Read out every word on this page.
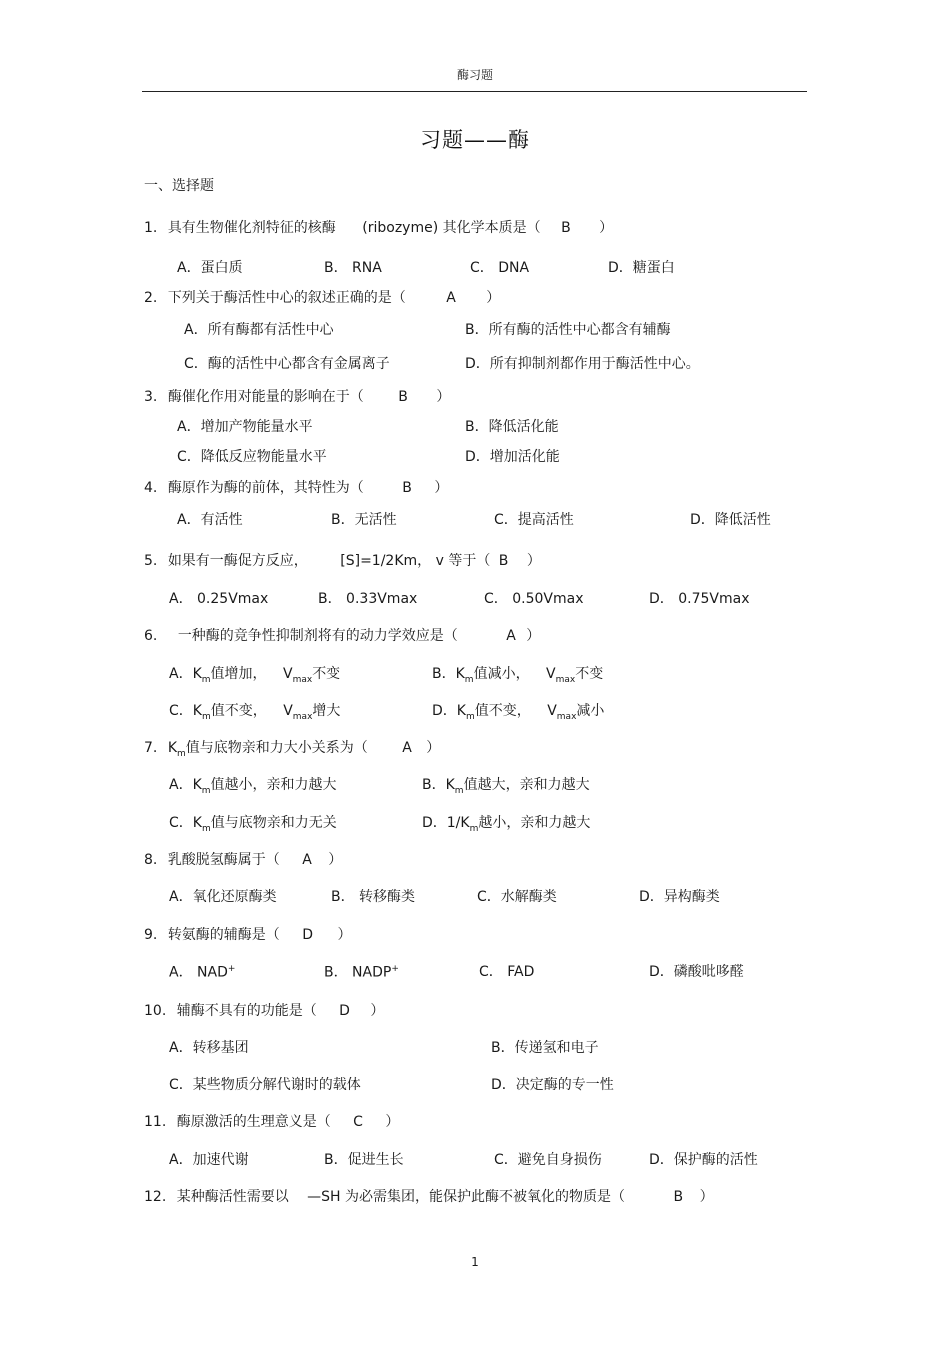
酶习题
习题——酶
一、选择题
1. 具有生物催化剂特征的核酶 (ribozyme) 其化学本质是（ B ）
A．蛋白质	B． RNA	C． DNA	D．糖蛋白
2. 下列关于酶活性中心的叙述正确的是（	A ）
A．所有酶都有活性中心	B．所有酶的活性中心都含有辅酶
C．酶的活性中心都含有金属离子	D．所有抑制剂都作用于酶活性中心。
3. 酶催化作用对能量的影响在于（ B ）
A．增加产物能量水平	B．降低活化能
C．降低反应物能量水平	D．增加活化能
4. 酶原作为酶的前体，其特性为（	B ）
A．有活性	B．无活性	C．提高活性	D．降低活性
5. 如果有一酶促方反应， [S]=1/2Km， v 等于（ B ）
A． 0.25Vmax	B． 0.33Vmax	C． 0.50Vmax	D． 0.75Vmax
6. 一种酶的竞争性抑制剂将有的动力学效应是（	A ）
A．$K_m$值增加， $V_{max}$不变	B．$K_m$值减小， $V_{max}$不变
C．$K_m$值不变， $V_{max}$增大	D．$K_m$值不变， $V_{max}$减小
7. $K_m$值与底物亲和力大小关系为（ A ）
A．$K_m$值越小，亲和力越大	B．$K_m$值越大，亲和力越大
C．$K_m$值与底物亲和力无关	D．$1/K_m$越小，亲和力越大
8. 乳酸脱氢酶属于（ A ）
A．氧化还原酶类	B． 转移酶类	C．水解酶类	D．异构酶类
9. 转氨酶的辅酶是（ D ）
A． NAD+	B． NADP+	C． FAD	D．磷酸吡哆醛
10. 辅酶不具有的功能是（ D ）
A．转移基团	B．传递氢和电子
C．某些物质分解代谢时的载体	D．决定酶的专一性
11. 酶原激活的生理意义是（ C ）
A．加速代谢	B．促进生长	C．避免自身损伤	D．保护酶的活性
12. 某种酶活性需要以 —SH 为必需集团，能保护此酶不被氧化的物质是（	B ）
1
